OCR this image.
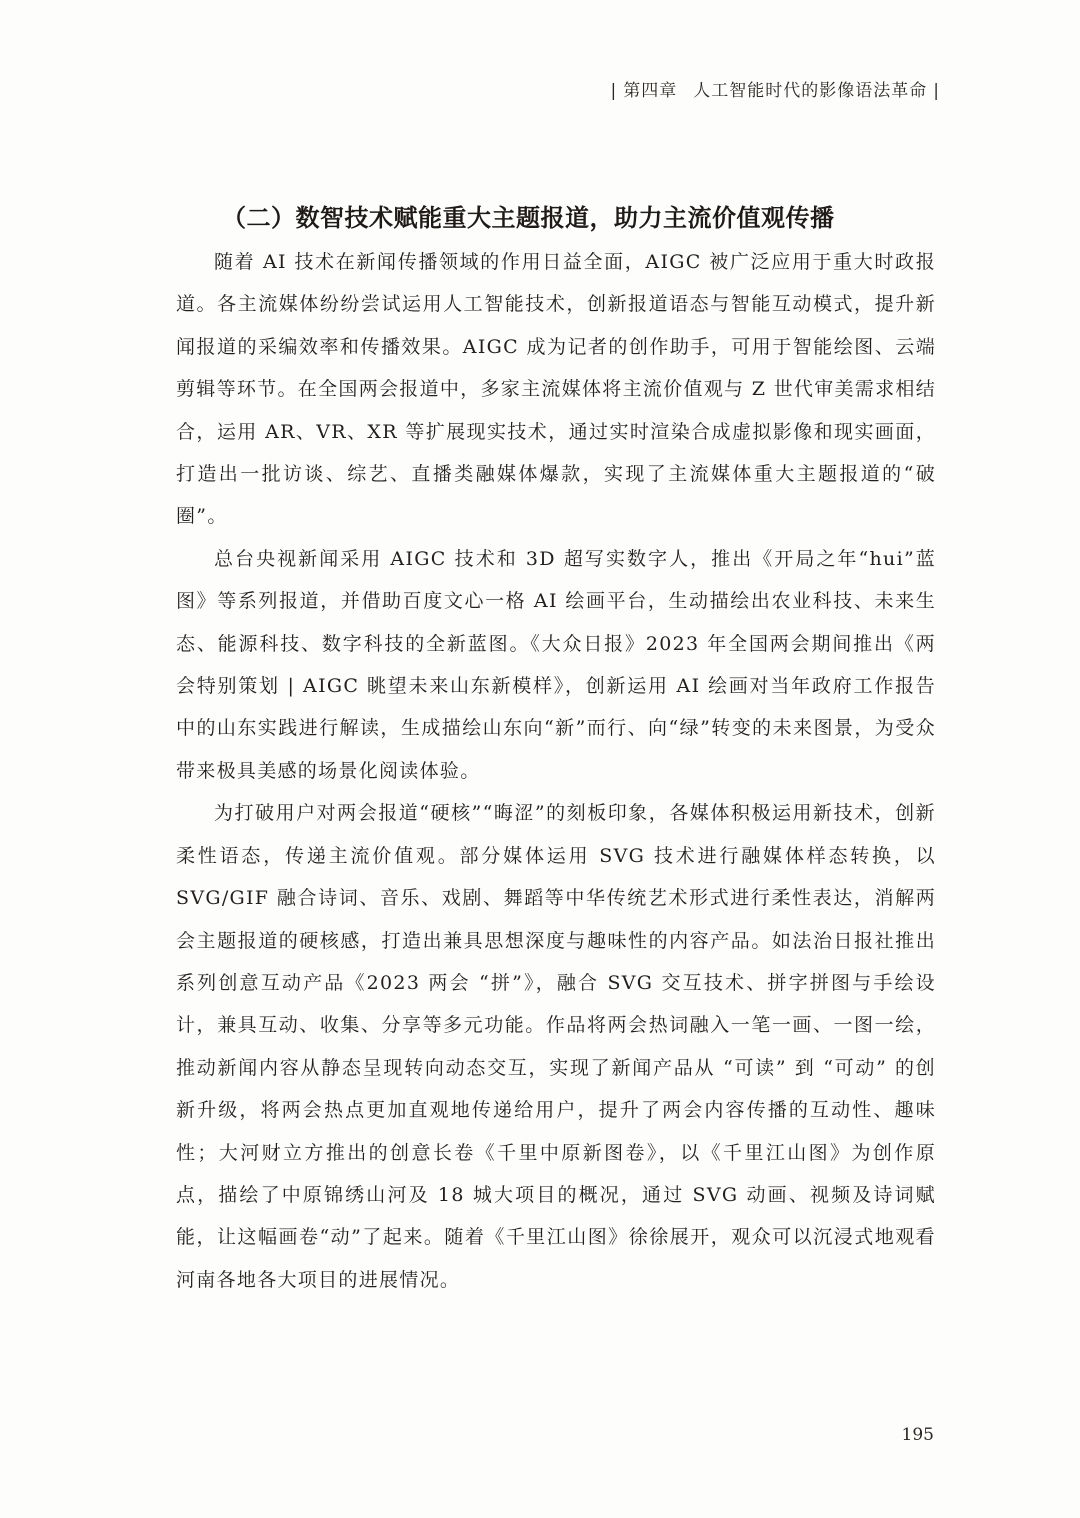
| 第四章 人工智能时代的影像语法革命 |
（二）数智技术赋能重大主题报道，助力主流价值观传播

随着 AI 技术在新闻传播领域的作用日益全面，AIGC 被广泛应用于重大时政报道。各主流媒体纷纷尝试运用人工智能技术，创新报道语态与智能互动模式，提升新闻报道的采编效率和传播效果。AIGC 成为记者的创作助手，可用于智能绘图、云端剪辑等环节。在全国两会报道中，多家主流媒体将主流价值观与 Z 世代审美需求相结合，运用 AR、VR、XR 等扩展现实技术，通过实时渲染合成虚拟影像和现实画面，打造出一批访谈、综艺、直播类融媒体爆款，实现了主流媒体重大主题报道的“破圈”。

总台央视新闻采用 AIGC 技术和 3D 超写实数字人，推出《开局之年“hui”蓝图》等系列报道，并借助百度文心一格 AI 绘画平台，生动描绘出农业科技、未来生态、能源科技、数字科技的全新蓝图。《大众日报》2023 年全国两会期间推出《两会特别策划 | AIGC 眺望未来山东新模样》，创新运用 AI 绘画对当年政府工作报告中的山东实践进行解读，生成描绘山东向“新”而行、向“绿”转变的未来图景，为受众带来极具美感的场景化阅读体验。

为打破用户对两会报道“硬核”“晦涩”的刻板印象，各媒体积极运用新技术，创新柔性语态，传递主流价值观。部分媒体运用 SVG 技术进行融媒体样态转换，以 SVG/GIF 融合诗词、音乐、戏剧、舞蹈等中华传统艺术形式进行柔性表达，消解两会主题报道的硬核感，打造出兼具思想深度与趣味性的内容产品。如法治日报社推出系列创意互动产品《2023 两会 “拼”》，融合 SVG 交互技术、拼字拼图与手绘设计，兼具互动、收集、分享等多元功能。作品将两会热词融入一笔一画、一图一绘，推动新闻内容从静态呈现转向动态交互，实现了新闻产品从 “可读” 到 “可动” 的创新升级，将两会热点更加直观地传递给用户，提升了两会内容传播的互动性、趣味性；大河财立方推出的创意长卷《千里中原新图卷》，以《千里江山图》为创作原点，描绘了中原锦绣山河及 18 城大项目的概况，通过 SVG 动画、视频及诗词赋能，让这幅画卷“动”了起来。随着《千里江山图》徐徐展开，观众可以沉浸式地观看河南各地各大项目的进展情况。

195
